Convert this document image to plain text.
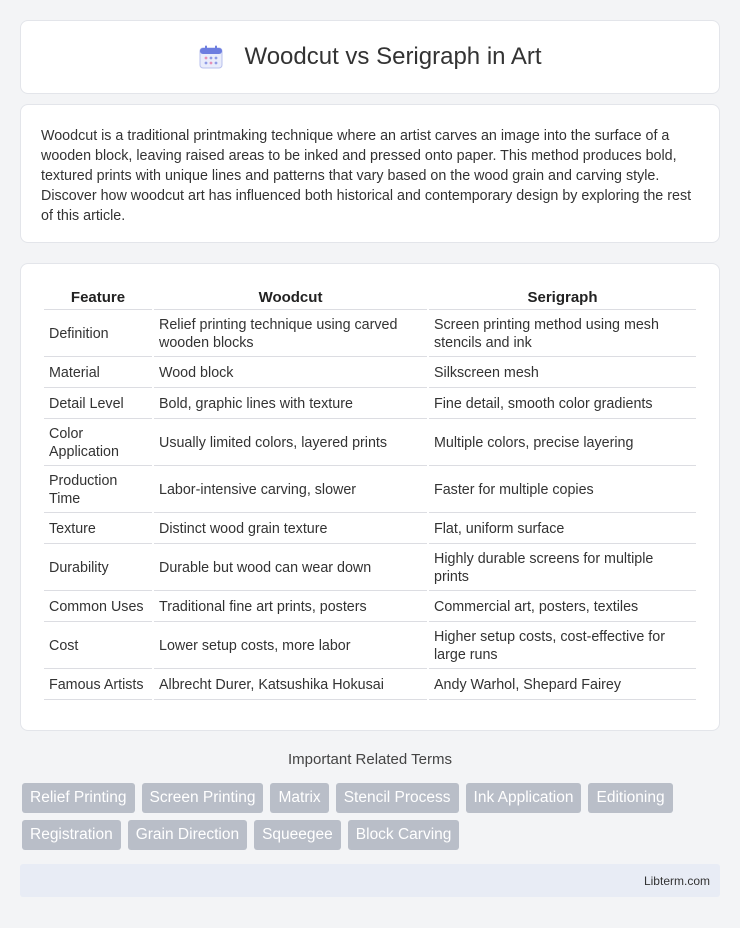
Woodcut vs Serigraph in Art

Woodcut is a traditional printmaking technique where an artist carves an image into the surface of a wooden block, leaving raised areas to be inked and pressed onto paper. This method produces bold, textured prints with unique lines and patterns that vary based on the wood grain and carving style. Discover how woodcut art has influenced both historical and contemporary design by exploring the rest of this article.

Feature	Woodcut	Serigraph
Definition	Relief printing technique using carved wooden blocks	Screen printing method using mesh stencils and ink
Material	Wood block	Silkscreen mesh
Detail Level	Bold, graphic lines with texture	Fine detail, smooth color gradients
Color Application	Usually limited colors, layered prints	Multiple colors, precise layering
Production Time	Labor-intensive carving, slower	Faster for multiple copies
Texture	Distinct wood grain texture	Flat, uniform surface
Durability	Durable but wood can wear down	Highly durable screens for multiple prints
Common Uses	Traditional fine art prints, posters	Commercial art, posters, textiles
Cost	Lower setup costs, more labor	Higher setup costs, cost-effective for large runs
Famous Artists	Albrecht Durer, Katsushika Hokusai	Andy Warhol, Shepard Fairey
Important Related Terms
Relief Printing	Screen Printing	Matrix	Stencil Process	Ink Application	Editioning
Registration	Grain Direction	Squeegee	Block Carving
Libterm.com
